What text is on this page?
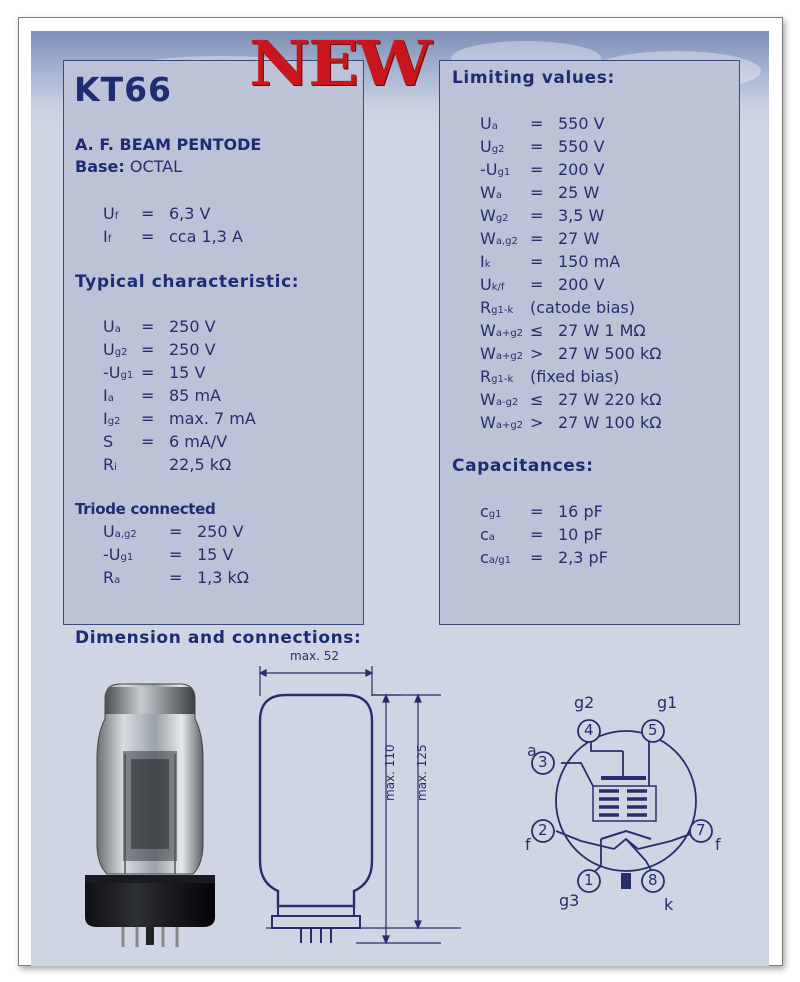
NEW
KT66
A. F. BEAM PENTODE
Base: OCTAL
Uf = 6,3 V
If = cca 1,3 A
Typical characteristic:
Ua = 250 V
Ug2 = 250 V
-Ug1 = 15 V
Ia = 85 mA
Ig2 = max. 7 mA
S = 6 mA/V
Ri	22,5 kΩ
Triode connected
Ua,g2 = 250 V
-Ug1 = 15 V
Ra	= 1,3 kΩ
Limiting values:
Ua = 550 V
Ug2 = 550 V
-Ug1 = 200 V
Wa = 25 W
Wg2 = 3,5 W
Wa,g2 = 27 W
Ik = 150 mA
Uk/f = 200 V
Rg1-k (catode bias)
Wa+g2 ≤ 27 W 1 MΩ
Wa+g2 > 27 W 500 kΩ
Rg1-k (fixed bias)
Wa-g2 ≤ 27 W 220 kΩ
Wa+g2 > 27 W 100 kΩ
Capacitances:
cg1 = 16 pF
ca = 10 pF
ca/g1 = 2,3 pF
Dimension and connections:
max. 52
max. 110 max. 125
4
g2
5
g1
3
a
2
f
7
f
1
g3
8
k
